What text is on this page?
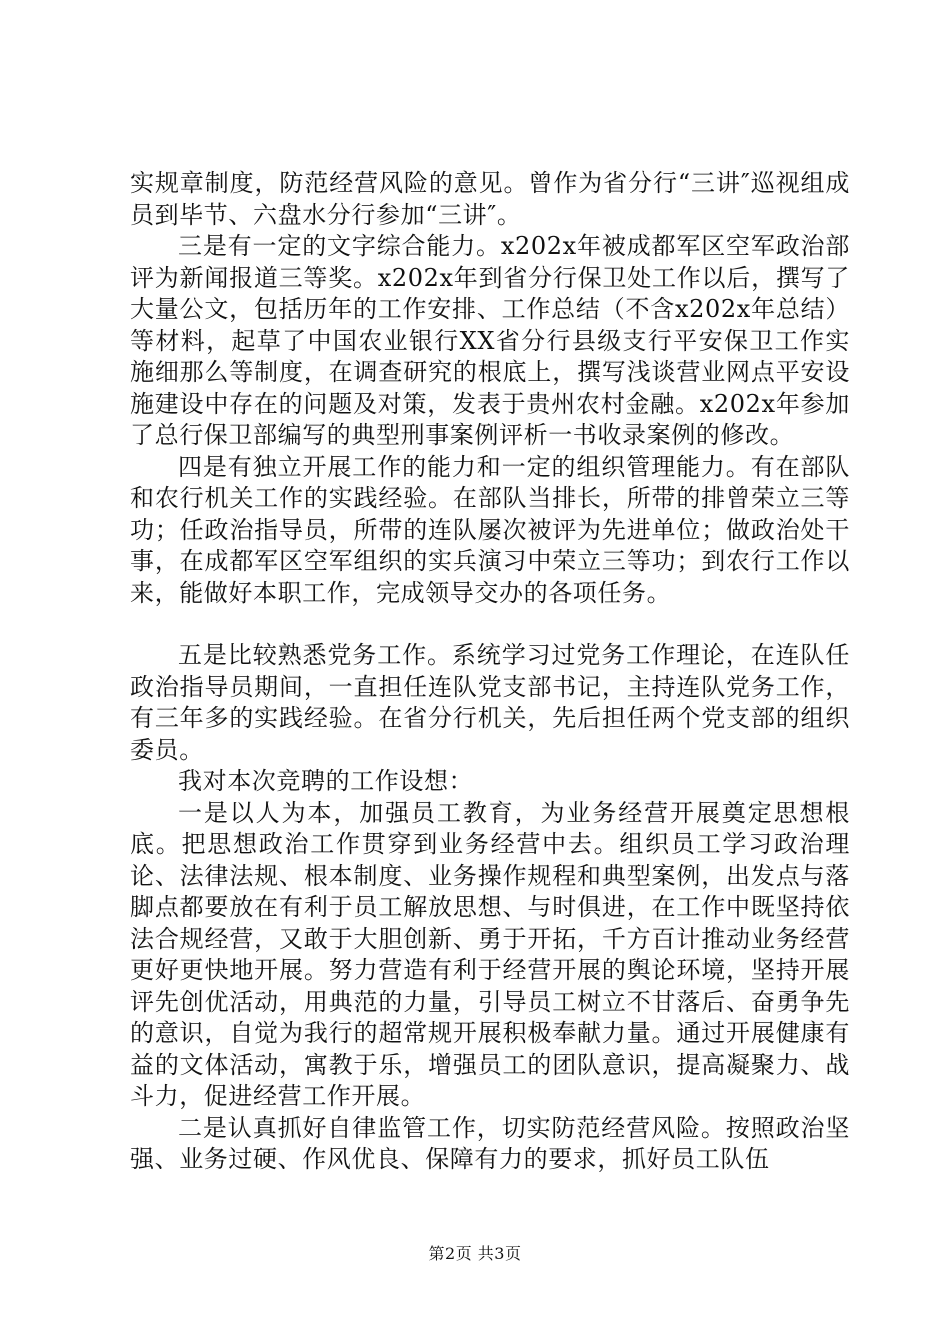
实规章制度，防范经营风险的意见。曾作为省分行“三讲″巡视组成员到毕节、六盘水分行参加“三讲″。

三是有一定的文字综合能力。x202x年被成都军区空军政治部评为新闻报道三等奖。x202x年到省分行保卫处工作以后，撰写了大量公文，包括历年的工作安排、工作总结（不含x202x年总结）等材料，起草了中国农业银行XX省分行县级支行平安保卫工作实施细那么等制度，在调查研究的根底上，撰写浅谈营业网点平安设施建设中存在的问题及对策，发表于贵州农村金融。x202x年参加了总行保卫部编写的典型刑事案例评析一书收录案例的修改。

四是有独立开展工作的能力和一定的组织管理能力。有在部队和农行机关工作的实践经验。在部队当排长，所带的排曾荣立三等功；任政治指导员，所带的连队屡次被评为先进单位；做政治处干事，在成都军区空军组织的实兵演习中荣立三等功；到农行工作以来，能做好本职工作，完成领导交办的各项任务。

五是比较熟悉党务工作。系统学习过党务工作理论，在连队任政治指导员期间，一直担任连队党支部书记，主持连队党务工作，有三年多的实践经验。在省分行机关，先后担任两个党支部的组织委员。

我对本次竞聘的工作设想：

一是以人为本，加强员工教育，为业务经营开展奠定思想根底。把思想政治工作贯穿到业务经营中去。组织员工学习政治理论、法律法规、根本制度、业务操作规程和典型案例，出发点与落脚点都要放在有利于员工解放思想、与时俱进，在工作中既坚持依法合规经营，又敢于大胆创新、勇于开拓，千方百计推动业务经营更好更快地开展。努力营造有利于经营开展的舆论环境，坚持开展评先创优活动，用典范的力量，引导员工树立不甘落后、奋勇争先的意识，自觉为我行的超常规开展积极奉献力量。通过开展健康有益的文体活动，寓教于乐，增强员工的团队意识，提高凝聚力、战斗力，促进经营工作开展。

二是认真抓好自律监管工作，切实防范经营风险。按照政治坚强、业务过硬、作风优良、保障有力的要求，抓好员工队伍

第2页 共3页
